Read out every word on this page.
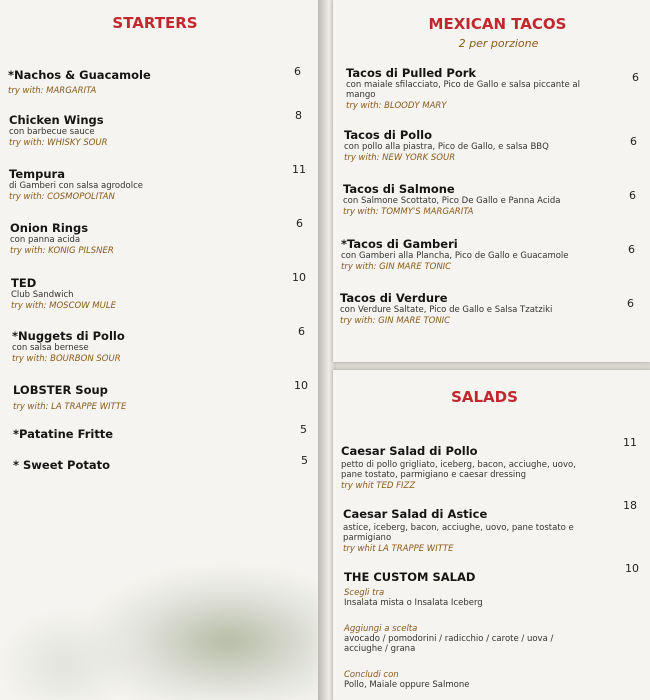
STARTERS
*Nachos & Guacamole
try with: MARGARITA
6
Chicken Wings
con barbecue sauce
try with: WHISKY SOUR
8
Tempura
di Gamberi con salsa agrodolce
try with: COSMOPOLITAN
11
Onion Rings
con panna acida
try with: KONIG PILSNER
6
TED
Club Sandwich
try with: MOSCOW MULE
10
*Nuggets di Pollo
con salsa bernese
try with: BOURBON SOUR
6
LOBSTER Soup
try with: LA TRAPPE WITTE
10
*Patatine Fritte	5
* Sweet Potato	5
MEXICAN TACOS
2 per porzione
Tacos di Pulled Pork
con maiale sfilacciato, Pico de Gallo e salsa piccante al mango
try with: BLOODY MARY
6
Tacos di Pollo
con pollo alla piastra, Pico de Gallo, e salsa BBQ
try with: NEW YORK SOUR
6
Tacos di Salmone
con Salmone Scottato, Pico De Gallo e Panna Acida
try with: TOMMY'S MARGARITA
6
*Tacos di Gamberi
con Gamberi alla Plancha, Pico de Gallo e Guacamole
try with: GIN MARE TONIC
6
Tacos di Verdure
con Verdure Saltate, Pico de Gallo e Salsa Tzatziki
try with: GIN MARE TONIC
6
SALADS
Caesar Salad di Pollo
petto di pollo grigliato, iceberg, bacon, acciughe, uovo, pane tostato, parmigiano e caesar dressing
try whit TED FIZZ
11
Caesar Salad di Astice
astice, iceberg, bacon, acciughe, uovo, pane tostato e parmigiano
try whit LA TRAPPE WITTE
18
THE CUSTOM SALAD
Scegli tra
Insalata mista o Insalata Iceberg
Aggiungi a scelta
avocado / pomodorini / radicchio / carote / uova / acciughe / grana
Concludi con
Pollo, Maiale oppure Salmone
10
